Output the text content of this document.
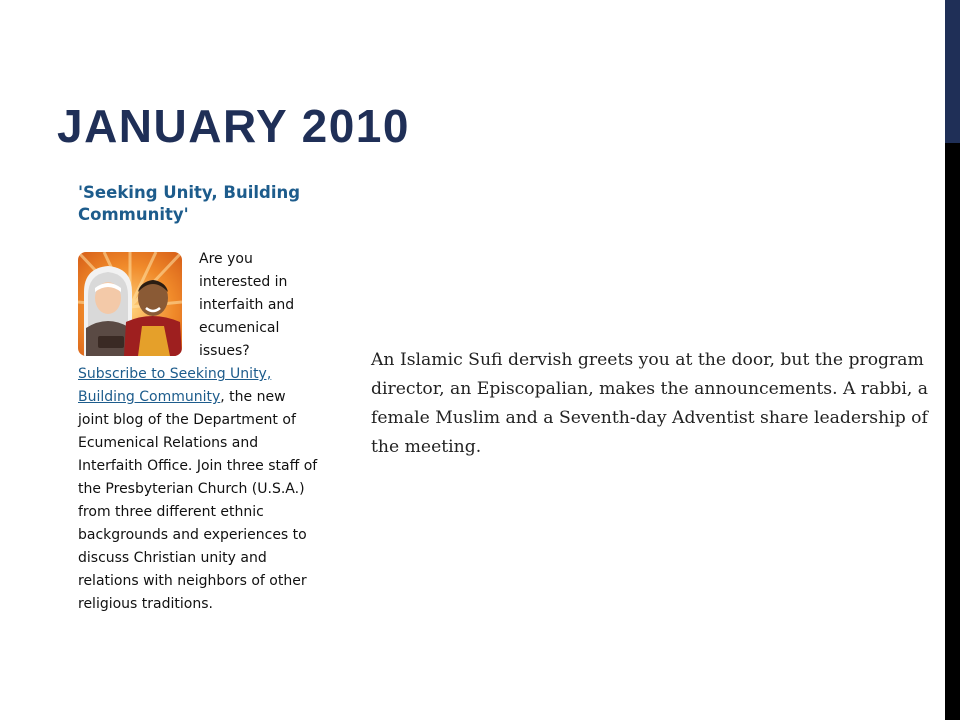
JANUARY 2010
'Seeking Unity, Building Community'
Are you interested in interfaith and ecumenical issues? Subscribe to Seeking Unity, Building Community, the new joint blog of the Department of Ecumenical Relations and Interfaith Office. Join three staff of the Presbyterian Church (U.S.A.) from three different ethnic backgrounds and experiences to discuss Christian unity and relations with neighbors of other religious traditions.

An Islamic Sufi dervish greets you at the door, but the program director, an Episcopalian, makes the announcements. A rabbi, a female Muslim and a Seventh-day Adventist share leadership of the meeting.
